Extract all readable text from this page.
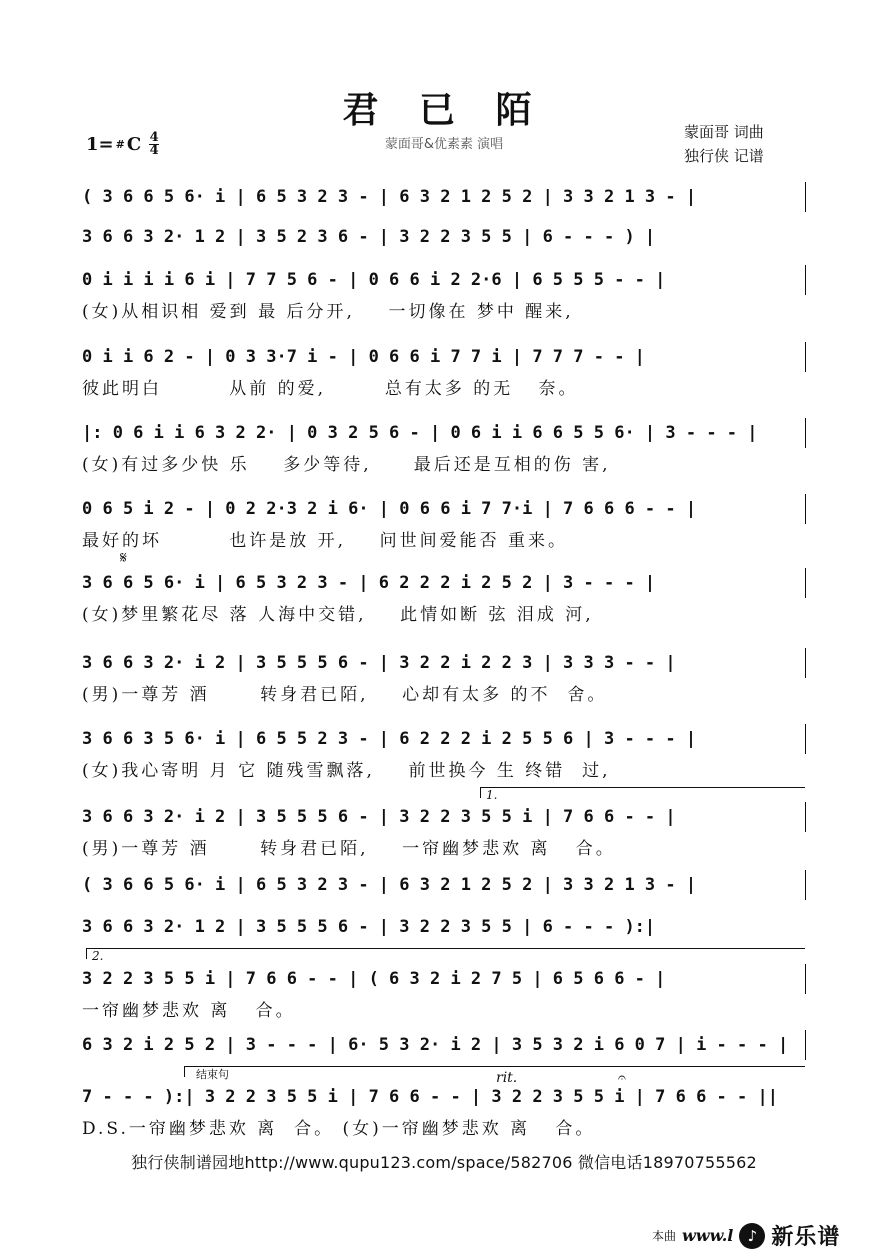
君 已 陌
1= # C $\frac{4}{4}$	蒙面哥&优素素 演唱
蒙面哥 词曲
独行侠 记谱
( 3 6 6 5 6· i | 6 5 3 2 3 - | 6 3 2 1 2 5 2 | 3 3 2 1 3 - |
3 6 6 3 2· 1 2 | 3 5 2 3 6 - | 3 2 2 3 5 5 | 6 - - - ) |
0 i i i i 6 i | 7 7 5 6 - | 0 6 6 i 2 2·6 | 6 5 5 5 - - |
(女)从相识相 爱到 最 后分开,    一切像在 梦中 醒来,
0 i i 6 2 - | 0 3 3·7 i - | 0 6 6 i 7 7 i | 7 7 7 - - |
彼此明白        从前 的爱,       总有太多 的无   奈。
|: 0 6 i i 6 3 2 2· | 0 3 2 5 6 - | 0 6 i i 6 6 5 5 6· | 3 - - - |
(女)有过多少快 乐    多少等待,     最后还是互相的伤 害,
0 6 5 i 2 - | 0 2 2·3 2 i 6· | 0 6 6 i 7 7·i | 7 6 6 6 - - |
最好的坏        也许是放 开,    问世间爱能否 重来。
𝄋
3 6 6 5 6· i | 6 5 3 2 3 - | 6 2 2 2 i 2 5 2 | 3 - - - |
(女)梦里繁花尽 落 人海中交错,    此情如断 弦 泪成 河,
3 6 6 3 2· i 2 | 3 5 5 5 6 - | 3 2 2 i 2 2 3 | 3 3 3 - - |
(男)一尊芳 酒      转身君已陌,    心却有太多 的不  舍。
3 6 6 3 5 6· i | 6 5 5 2 3 - | 6 2 2 2 i 2 5 5 6 | 3 - - - |
(女)我心寄明 月 它 随残雪飘落,    前世换今 生 终错  过,
1.
3 6 6 3 2· i 2 | 3 5 5 5 6 - | 3 2 2 3 5 5 i | 7 6 6 - - |
(男)一尊芳 酒      转身君已陌,    一帘幽梦悲欢 离   合。
( 3 6 6 5 6· i | 6 5 3 2 3 - | 6 3 2 1 2 5 2 | 3 3 2 1 3 - |
3 6 6 3 2· 1 2 | 3 5 5 5 6 - | 3 2 2 3 5 5 | 6 - - - ):|
2.
3 2 2 3 5 5 i | 7 6 6 - - | ( 6 3 2 i 2 7 5 | 6 5 6 6 - |
一帘幽梦悲欢 离   合。
6 3 2 i 2 5 2 | 3 - - - | 6· 5 3 2· i 2 | 3 5 3 2 i 6 0 7 | i - - - |
结束句	rit.	𝄐
7 - - - ):| 3 2 2 3 5 5 i | 7 6 6 - - | 3 2 2 3 5 5 i | 7 6 6 - - ||
D.S.一帘幽梦悲欢 离  合。 (女)一帘幽梦悲欢 离   合。
独行侠制谱园地http://www.qupu123.com/space/582706 微信电话18970755562
本曲 www.l ♪ 新乐谱
